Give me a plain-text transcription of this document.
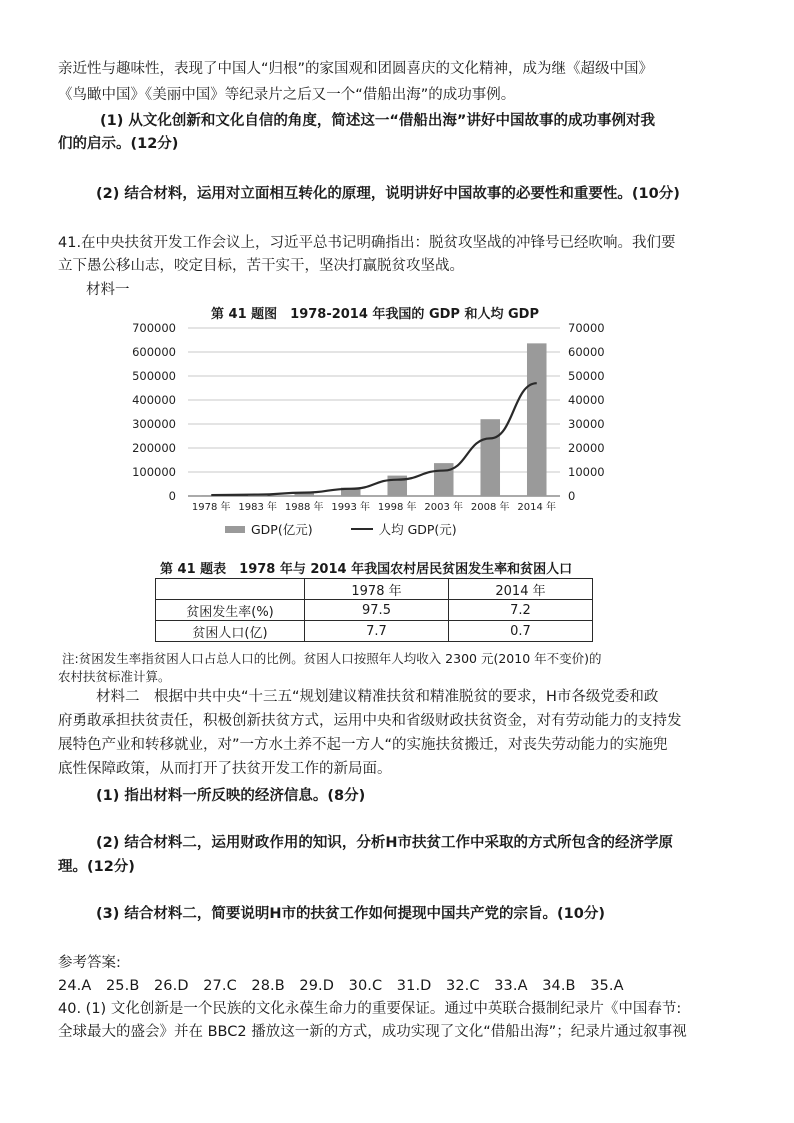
亲近性与趣味性，表现了中国人“归根”的家国观和团圆喜庆的文化精神，成为继《超级中国》
《鸟瞰中国》《美丽中国》等纪录片之后又一个“借船出海”的成功事例。
(1) 从文化创新和文化自信的角度，简述这一“借船出海”讲好中国故事的成功事例对我
们的启示。(12分)
(2) 结合材料，运用对立面相互转化的原理，说明讲好中国故事的必要性和重要性。(10分)
41.在中央扶贫开发工作会议上，习近平总书记明确指出：脱贫攻坚战的冲锋号已经吹响。我们要
立下愚公移山志，咬定目标，苦干实干，坚决打赢脱贫攻坚战。
材料一
第 41 题图　1978-2014 年我国的 GDP 和人均 GDP
700000	70000
600000	60000
500000	50000
400000	40000
300000	30000
200000	20000
100000	10000
0	0
1978 年 1983 年 1988 年 1993 年 1998 年 2003 年 2008 年 2014 年
GDP(亿元)	人均 GDP(元)
第 41 题表　1978 年与 2014 年我国农村居民贫困发生率和贫困人口
	1978 年	2014 年
贫困发生率(%)	97.5	7.2
贫困人口(亿)	7.7	0.7
注:贫困发生率指贫困人口占总人口的比例。贫困人口按照年人均收入 2300 元(2010 年不变价)的
农村扶贫标准计算。
材料二　根据中共中央“十三五“规划建议精准扶贫和精准脱贫的要求，H市各级党委和政
府勇敢承担扶贫责任，积极创新扶贫方式，运用中央和省级财政扶贫资金，对有劳动能力的支持发
展特色产业和转移就业，对”一方水土养不起一方人“的实施扶贫搬迁，对丧失劳动能力的实施兜
底性保障政策，从而打开了扶贫开发工作的新局面。
(1) 指出材料一所反映的经济信息。(8分)
(2) 结合材料二，运用财政作用的知识，分析H市扶贫工作中采取的方式所包含的经济学原
理。(12分)
(3) 结合材料二，简要说明H市的扶贫工作如何提现中国共产党的宗旨。(10分)
参考答案:
24.A　25.B　26.D　27.C　28.B　29.D　30.C　31.D　32.C　33.A　34.B　35.A
40. (1) 文化创新是一个民族的文化永葆生命力的重要保证。通过中英联合摄制纪录片《中国春节:
全球最大的盛会》并在 BBC2 播放这一新的方式，成功实现了文化“借船出海”；纪录片通过叙事视
